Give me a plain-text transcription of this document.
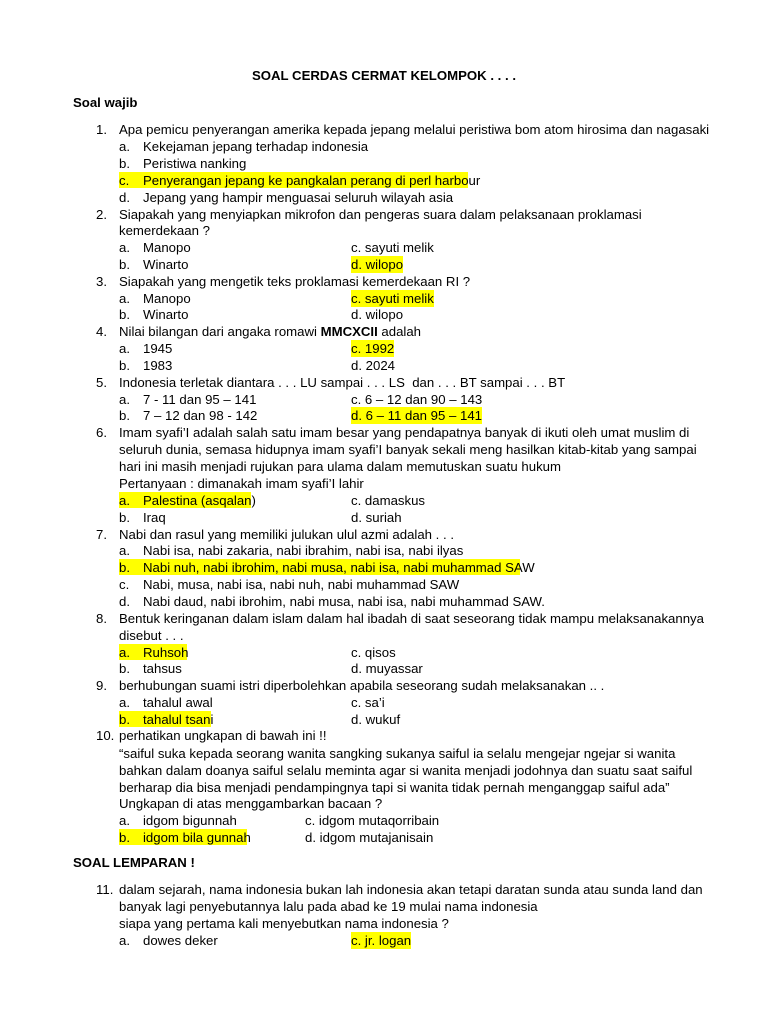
SOAL CERDAS CERMAT KELOMPOK . . . .
Soal wajib
1. Apa pemicu penyerangan amerika kepada jepang melalui peristiwa bom atom hirosima dan nagasaki
a. Kekejaman jepang terhadap indonesia
b. Peristiwa nanking
c. Penyerangan jepang ke pangkalan perang di perl harbour
d. Jepang yang hampir menguasai seluruh wilayah asia
2. Siapakah yang menyiapkan mikrofon dan pengeras suara dalam pelaksanaan proklamasi
kemerdekaan ?
a. Manopo	c. sayuti melik
b. Winarto	d. wilopo
3. Siapakah yang mengetik teks proklamasi kemerdekaan RI ?
a. Manopo	c. sayuti melik
b. Winarto	d. wilopo
4. Nilai bilangan dari angaka romawi MMCXCII adalah
a. 1945	c. 1992
b. 1983	d. 2024
5. Indonesia terletak diantara . . . LU sampai . . . LS  dan . . . BT sampai . . . BT
a. 7 - 11 dan 95 – 141	c. 6 – 12 dan 90 – 143
b. 7 – 12 dan 98 - 142	d. 6 – 11 dan 95 – 141
6. Imam syafi’I adalah salah satu imam besar yang pendapatnya banyak di ikuti oleh umat muslim di
seluruh dunia, semasa hidupnya imam syafi’I banyak sekali meng hasilkan kitab-kitab yang sampai
hari ini masih menjadi rujukan para ulama dalam memutuskan suatu hukum
Pertanyaan : dimanakah imam syafi’I lahir
a. Palestina (asqalan)	c. damaskus
b. Iraq	d. suriah
7. Nabi dan rasul yang memiliki julukan ulul azmi adalah . . .
a. Nabi isa, nabi zakaria, nabi ibrahim, nabi isa, nabi ilyas
b. Nabi nuh, nabi ibrohim, nabi musa, nabi isa, nabi muhammad SAW
c. Nabi, musa, nabi isa, nabi nuh, nabi muhammad SAW
d. Nabi daud, nabi ibrohim, nabi musa, nabi isa, nabi muhammad SAW.
8. Bentuk keringanan dalam islam dalam hal ibadah di saat seseorang tidak mampu melaksanakannya
disebut . . .
a. Ruhsoh	c. qisos
b. tahsus	d. muyassar
9. berhubungan suami istri diperbolehkan apabila seseorang sudah melaksanakan .. .
a. tahalul awal	c. sa’i
b. tahalul tsani	d. wukuf
10. perhatikan ungkapan di bawah ini !!
“saiful suka kepada seorang wanita sangking sukanya saiful ia selalu mengejar ngejar si wanita
bahkan dalam doanya saiful selalu meminta agar si wanita menjadi jodohnya dan suatu saat saiful
berharap dia bisa menjadi pendampingnya tapi si wanita tidak pernah menganggap saiful ada”
Ungkapan di atas menggambarkan bacaan ?
a. idgom bigunnah	c. idgom mutaqorribain
b. idgom bila gunnah	d. idgom mutajanisain
SOAL LEMPARAN !
11. dalam sejarah, nama indonesia bukan lah indonesia akan tetapi daratan sunda atau sunda land dan
banyak lagi penyebutannya lalu pada abad ke 19 mulai nama indonesia
siapa yang pertama kali menyebutkan nama indonesia ?
a. dowes deker	c. jr. logan
